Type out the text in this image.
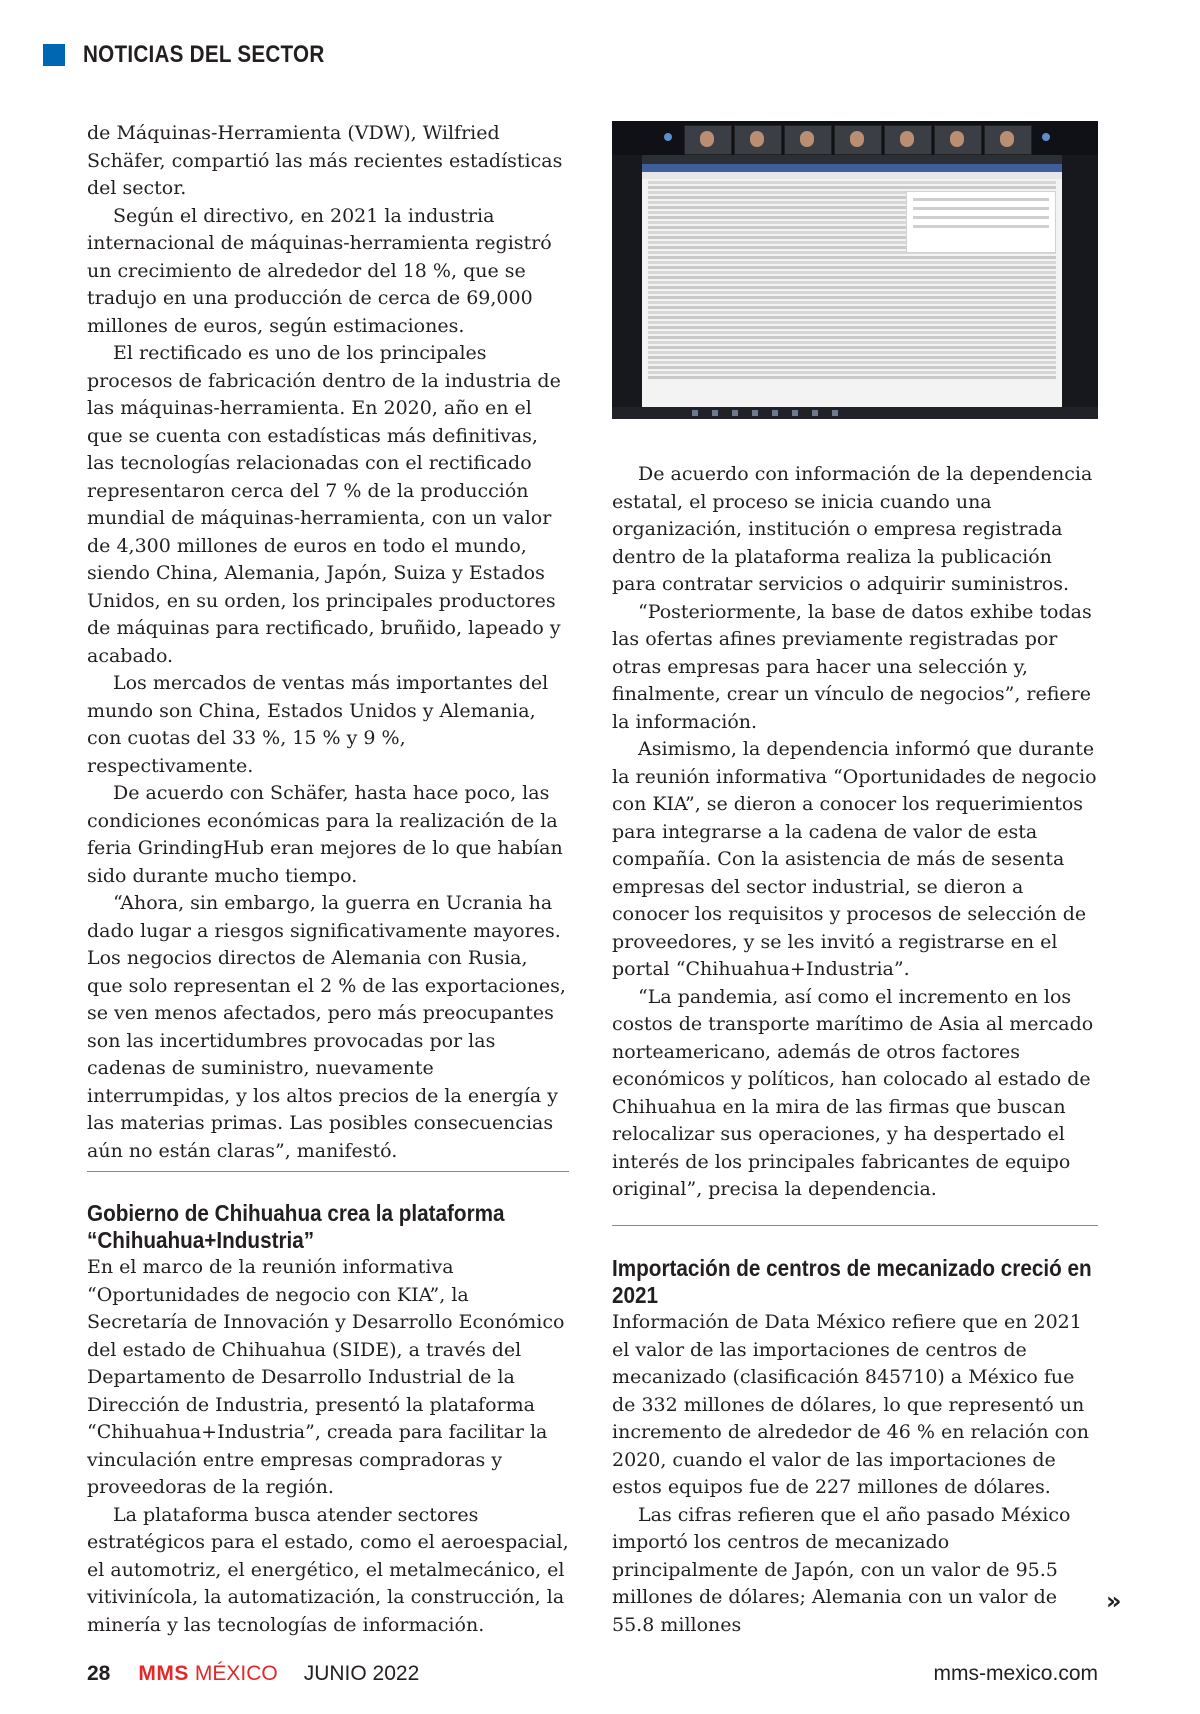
NOTICIAS DEL SECTOR

de Máquinas-Herramienta (VDW), Wilfried Schäfer, compartió las más recientes estadísticas del sector.

Según el directivo, en 2021 la industria internacional de máquinas-herramienta registró un crecimiento de alrededor del 18 %, que se tradujo en una producción de cerca de 69,000 millones de euros, según estimaciones.

El rectificado es uno de los principales procesos de fabricación dentro de la industria de las máquinas-herramienta. En 2020, año en el que se cuenta con estadísticas más definitivas, las tecnologías relacionadas con el rectificado representaron cerca del 7 % de la producción mundial de máquinas-herramienta, con un valor de 4,300 millones de euros en todo el mundo, siendo China, Alemania, Japón, Suiza y Estados Unidos, en su orden, los principales productores de máquinas para rectificado, bruñido, lapeado y acabado.

Los mercados de ventas más importantes del mundo son China, Estados Unidos y Alemania, con cuotas del 33 %, 15 % y 9 %, respectivamente.

De acuerdo con Schäfer, hasta hace poco, las condiciones económicas para la realización de la feria GrindingHub eran mejores de lo que habían sido durante mucho tiempo.

“Ahora, sin embargo, la guerra en Ucrania ha dado lugar a riesgos significativamente mayores. Los negocios directos de Alemania con Rusia, que solo representan el 2 % de las exportaciones, se ven menos afectados, pero más preocupantes son las incertidumbres provocadas por las cadenas de suministro, nuevamente interrumpidas, y los altos precios de la energía y las materias primas. Las posibles consecuencias aún no están claras”, manifestó.

Gobierno de Chihuahua crea la plataforma “Chihuahua+Industria”

En el marco de la reunión informativa “Oportunidades de negocio con KIA”, la Secretaría de Innovación y Desarrollo Económico del estado de Chihuahua (SIDE), a través del Departamento de Desarrollo Industrial de la Dirección de Industria, presentó la plataforma “Chihuahua+Industria”, creada para facilitar la vinculación entre empresas compradoras y proveedoras de la región.

La plataforma busca atender sectores estratégicos para el estado, como el aeroespacial, el automotriz, el energético, el metalmecánico, el vitivinícola, la automatización, la construcción, la minería y las tecnologías de información.

De acuerdo con información de la dependencia estatal, el proceso se inicia cuando una organización, institución o empresa registrada dentro de la plataforma realiza la publicación para contratar servicios o adquirir suministros.

“Posteriormente, la base de datos exhibe todas las ofertas afines previamente registradas por otras empresas para hacer una selección y, finalmente, crear un vínculo de negocios”, refiere la información.

Asimismo, la dependencia informó que durante la reunión informativa “Oportunidades de negocio con KIA”, se dieron a conocer los requerimientos para integrarse a la cadena de valor de esta compañía. Con la asistencia de más de sesenta empresas del sector industrial, se dieron a conocer los requisitos y procesos de selección de proveedores, y se les invitó a registrarse en el portal “Chihuahua+Industria”.

“La pandemia, así como el incremento en los costos de transporte marítimo de Asia al mercado norteamericano, además de otros factores económicos y políticos, han colocado al estado de Chihuahua en la mira de las firmas que buscan relocalizar sus operaciones, y ha despertado el interés de los principales fabricantes de equipo original”, precisa la dependencia.

Importación de centros de mecanizado creció en 2021

Información de Data México refiere que en 2021 el valor de las importaciones de centros de mecanizado (clasificación 845710) a México fue de 332 millones de dólares, lo que representó un incremento de alrededor de 46 % en relación con 2020, cuando el valor de las importaciones de estos equipos fue de 227 millones de dólares.

Las cifras refieren que el año pasado México importó los centros de mecanizado principalmente de Japón, con un valor de 95.5 millones de dólares; Alemania con un valor de 55.8 millones

»
28 MMS MÉXICO JUNIO 2022	mms-mexico.com
